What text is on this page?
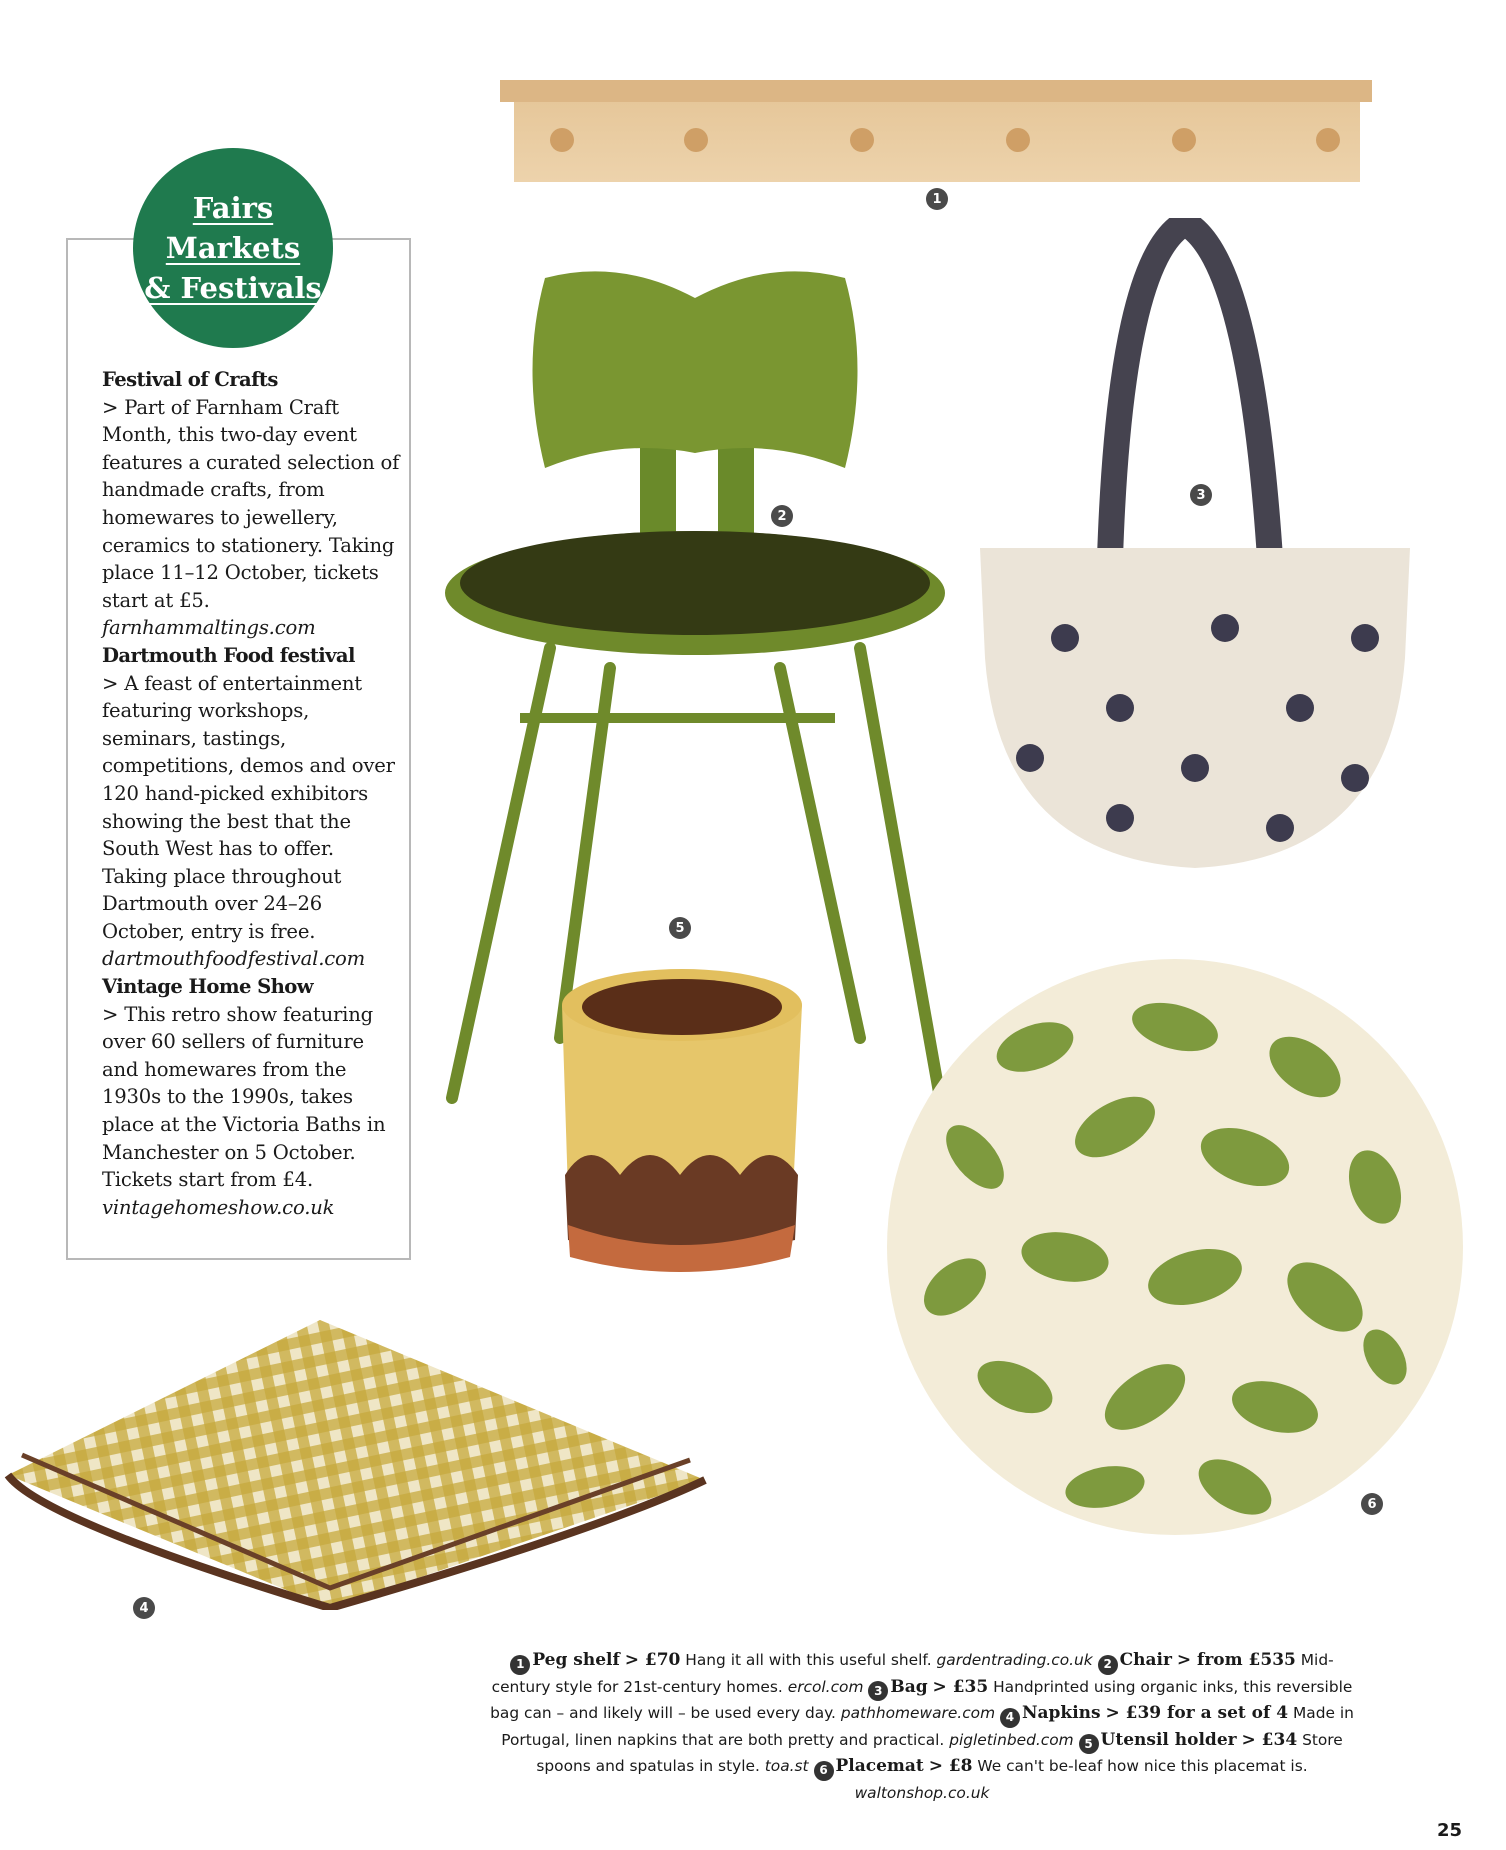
Fairs
Markets
& Festivals

Festival of Crafts

> Part of Farnham Craft Month, this two-day event features a curated selection of handmade crafts, from homewares to jewellery, ceramics to stationery. Taking place 11–12 October, tickets start at £5.

farnhammaltings.com

Dartmouth Food festival

> A feast of entertainment featuring workshops, seminars, tastings, competitions, demos and over 120 hand-picked exhibitors showing the best that the South West has to offer. Taking place throughout Dartmouth over 24–26 October, entry is free.

dartmouthfoodfestival.com

Vintage Home Show

> This retro show featuring over 60 sellers of furniture and homewares from the 1930s to the 1990s, takes place at the Victoria Baths in Manchester on 5 October. Tickets start from £4.

vintagehomeshow.co.uk

1
2
3
4
5
6
1 Peg shelf > £70 Hang it all with this useful shelf. gardentrading.co.uk 2 Chair > from £535 Mid-century style for 21st-century homes. ercol.com 3 Bag > £35 Handprinted using organic inks, this reversible bag can – and likely will – be used every day. pathhomeware.com 4 Napkins > £39 for a set of 4 Made in Portugal, linen napkins that are both pretty and practical. pigletinbed.com 5 Utensil holder > £34 Store spoons and spatulas in style. toa.st 6 Placemat > £8 We can't be-leaf how nice this placemat is. waltonshop.co.uk
25
